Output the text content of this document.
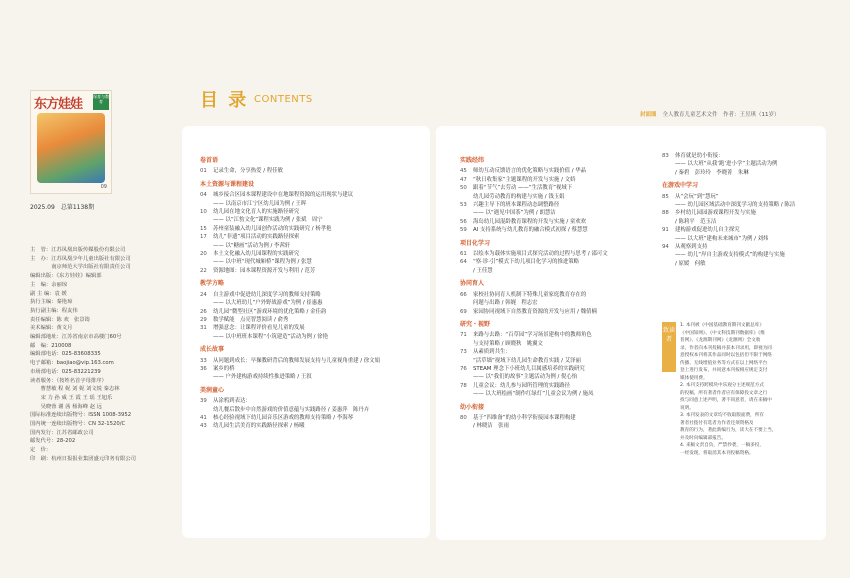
东方娃娃
保育与教育
09
2025.09　 总第1138期
主　管：江苏凤凰出版传媒股份有限公司
主　办：江苏凤凰少年儿童出版社有限公司
　　　　南京师范大学出版社有限责任公司
编辑出版：《东方娃娃》编辑部
主　编：余丽琼
副 主 编：袁 媛
执行主编：秦艳琼
执行副主编：程友伟
责任编辑：陈 欢　张景筠
美术编辑：黄文月
编辑部地址：江苏省南京市高楼门60号
邮　编：210008
编辑部电话：025-83608335
电子邮箱：baojiao@vip.163.com
市场部电话：025-83221239
读者服务：（按姓名首字母排序）
　　曹慧敏 程 妮 刘 妮 刘文锐 秦志林
　　宋 力 孙 威 王 霞 王 瑶 王旭乐
　　吴晓蓉 谢 茜 杨海峰 赵 远
国际标准连续出版物号：ISSN 1008-3952
国内统一连续出版物号：CN 32-1520/C
国内发行：江苏省邮政公司
邮发代号：28-202
定　价：
印　刷：杭州日报报业集团盛元印务有限公司
目 录 CONTENTS
封面图 全人教育儿童艺术文件　作者：王昱琪（11岁）
卷首语
01	记录生命，分享热爱 / 程佳敏
本土资源与课程建设
04	城乡接合区园本课程建设中在地课程资源的运用现状与建议
—— 以南京市江宁区幼儿园为例 / 王晖
10	幼儿园在地文化育人的实施路径研究
—— 以“江豹文化”课程实践为例 / 张斌　周宁
15	苏州童装融入幼儿园创作活动的实践研究 / 杨孝艳
17	幼儿“非遗”项目活动的实践路径探索
—— 以“糖画”活动为例 / 李茜轩
20	本土文化融入幼儿园课程的实践研究
—— 以中班“现代城厢桥”课程为例 / 张慧
22	资源地图：园本课程资源开发与利用 / 范芳
教学方略
24	自主游戏中促进幼儿深度学习的教师支持策略
—— 以大班幼儿“户外野战游戏”为例 / 崔惠惠
26	幼儿园“微型社区”游戏环境的优化策略 / 金佳韵
29	数学赋能　点亮智慧阅读 / 俞秀
31	增强意念：让课程评价看见儿童的发展
—— 以中班班本课程“小筑建造”活动为例 / 徐艳
成长故事
33	从问题到成长：早操教研背后的教师发展支持与儿童视角重建 / 徐文娟
36	案乡的桥
—— 户外建构游戏持续性推进策略 / 王叙
美润童心
39	从涂鸦到表达：
幼儿餐后散步中自然游戏的价值意蕴与实践路径 / 姜惠萍　陈丹卉
41	核心经验视域下幼儿园音乐区游戏的教师支持策略 / 李海琴
43	幼儿园生活美育的实践路径探索 / 杨曦
实践经纬
45	师幼互动反馈语言的优化策略与实践价值 / 华晶
47	“秋日收集家”主题课程的开发与实施 / 文娇
50	跟着“节气”去劳动 ——“生活教育”视域下
幼儿园劳动教育的构建与实施 / 钱玉娟
53	兴趣主导下的班本课程动态调整路径
—— 以“遇见中国茶”为例 / 朗慧洁
56	海岛幼儿园混龄教育课程的开发与实施 / 童欢欢
59	AI 支持系统与幼儿教育的融合模式初探 / 蔡慧慧
项目化学习
61	以绘本为载体实施项目式探究活动的过程与思考 / 邵可文
64	“察·诊·引”模式下幼儿项目化学习的推进策略
/ 王佳慧
协同育人
66	家校社协同育人机制下特殊儿童家庭教育存在的
问题与出路 / 韩娓　程志宏
69	家园协同视域下自然教育资源的开发与应用 / 魏倩楠
研究・视野
71	来路与去路：“百草园”学习场景建构中的教师角色
与支持策略 / 顾晓秋　姚翼文
73	从素质到共生：
“活草墙”视域下幼儿园生命教育实践 / 艾泽丽
76	STEAM 理念下小班幼儿目属感培养的实践研究
—— 以“我们的故事”主题活动为例 / 倪心怡
78	儿童会议：幼儿参与园所管理的实践路径
—— 以大班绘画“制作红绿灯”儿童会议为例 / 施凤
幼小衔接
80	基于“四维备”的幼小科学衔接园本课程构建
/ 林晓洁　张雨
83	体育就是幼小衔接：
—— 以大班“从我‘跑’进小学”主题活动为例
/ 秦碧　彭玲玲　李晓菁　朱琳
在游戏中学习
85	从“会玩”到“慧玩”
—— 幼儿园区域活动中深度学习的支持策略 / 陈洁
88	乡村幼儿园园游戏课程开发与实施
/ 陈莉平　范玉洁
91	建构游戏促进幼儿自主探究
—— 以大班“建构未来城市”为例 / 刘炜
94	从观察到支持
—— 幼儿“岸自主游戏支持模式”的构建与实施
/ 原媛　何敏
致读者
1. 本刊被《中国基础教育期刊文献总库》
《中国知网》、《中文科技期刊数据库》《维
普网》、《龙源期刊网》《龙源网》全文收
录，作者向本刊投稿并获本刊录用，即视为同
意授权本刊将其作品同时以包括但不限于网络
传播、无线增值业务等方式在以上网络平台
登上进行发布，并同意本刊按相应规定支付
媒体使用费。
2. 本刊支持跨模块中乐观分主述规范方式
的投稿，所有著者作者应有保障投文章之行
找与同意上述声明，著不同意者，请在来稿中
说明。
3. 本刊发表的文章均不收取版面费，所有
著者社拨付有选者为作者还须资格及
教育的行为，著此新编行为，读大在不要上当，
并及时向编辑部报告。
4. 来稿文责自负，严禁抄袭，一稿多投，
一经发现，将取消其本刊投稿资格。
